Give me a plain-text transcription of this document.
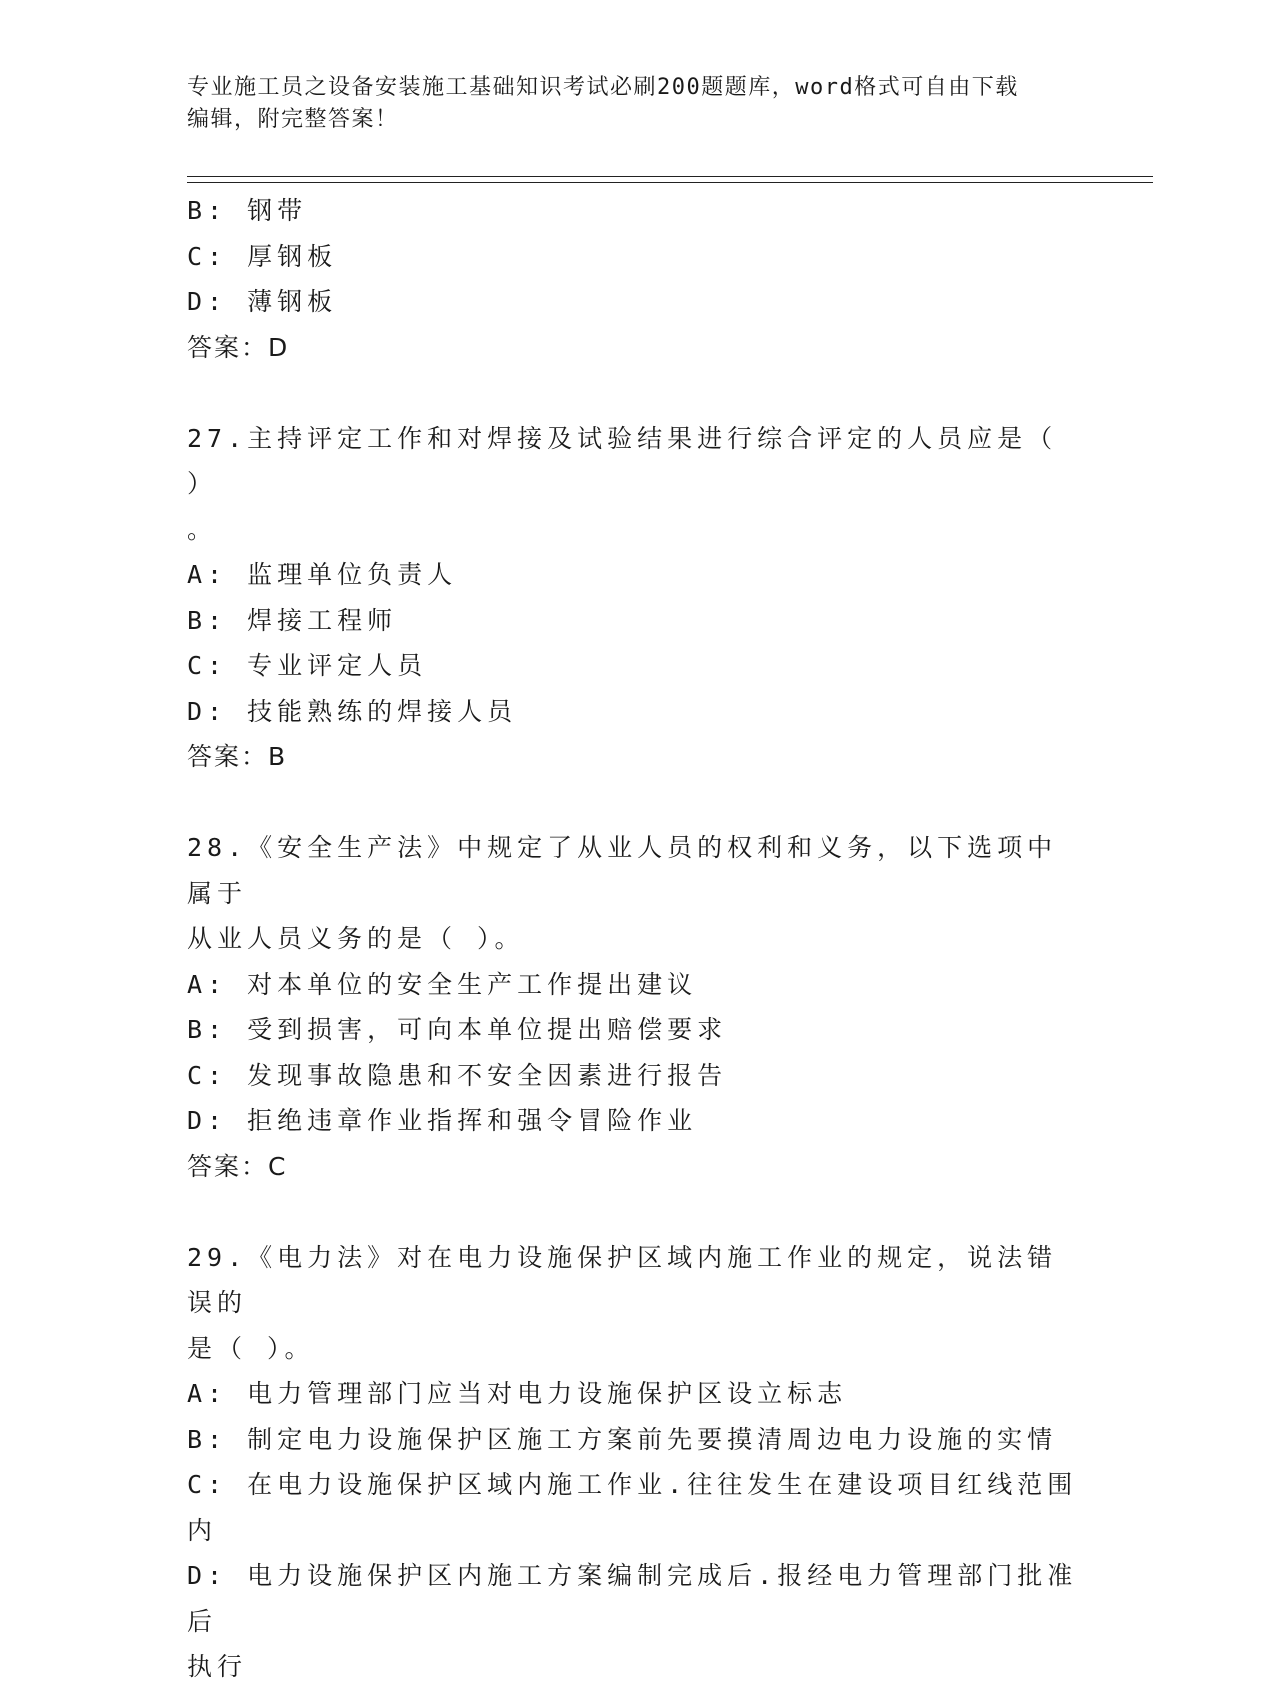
专业施工员之设备安装施工基础知识考试必刷200题题库，word格式可自由下载
编辑，附完整答案！
B: 钢带
C: 厚钢板
D: 薄钢板
答案：D
27.主持评定工作和对焊接及试验结果进行综合评定的人员应是（ ）
。
A: 监理单位负责人
B: 焊接工程师
C: 专业评定人员
D: 技能熟练的焊接人员
答案：B
28.《安全生产法》中规定了从业人员的权利和义务，以下选项中属于
从业人员义务的是（ ）。
A: 对本单位的安全生产工作提出建议
B: 受到损害，可向本单位提出赔偿要求
C: 发现事故隐患和不安全因素进行报告
D: 拒绝违章作业指挥和强令冒险作业
答案：C
29.《电力法》对在电力设施保护区域内施工作业的规定，说法错误的
是（ ）。
A: 电力管理部门应当对电力设施保护区设立标志
B: 制定电力设施保护区施工方案前先要摸清周边电力设施的实情
C: 在电力设施保护区域内施工作业.往往发生在建设项目红线范围内
D: 电力设施保护区内施工方案编制完成后.报经电力管理部门批准后
执行
